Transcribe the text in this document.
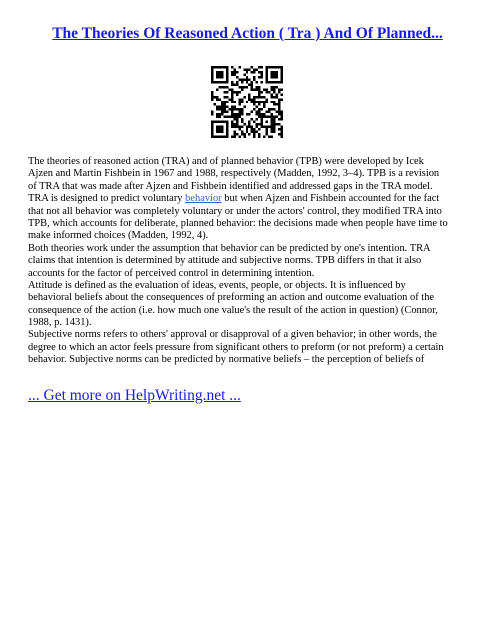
The Theories Of Reasoned Action ( Tra ) And Of Planned...
The theories of reasoned action (TRA) and of planned behavior (TPB) were developed by Icek
Ajzen and Martin Fishbein in 1967 and 1988, respectively (Madden, 1992, 3–4). TPB is a revision
of TRA that was made after Ajzen and Fishbein identified and addressed gaps in the TRA model.
TRA is designed to predict voluntary behavior but when Ajzen and Fishbein accounted for the fact
that not all behavior was completely voluntary or under the actors' control, they modified TRA into
TPB, which accounts for deliberate, planned behavior: the decisions made when people have time to
make informed choices (Madden, 1992, 4).
Both theories work under the assumption that behavior can be predicted by one's intention. TRA
claims that intention is determined by attitude and subjective norms. TPB differs in that it also
accounts for the factor of perceived control in determining intention.
Attitude is defined as the evaluation of ideas, events, people, or objects. It is influenced by
behavioral beliefs about the consequences of preforming an action and outcome evaluation of the
consequence of the action (i.e. how much one value's the result of the action in question) (Connor,
1988, p. 1431).
Subjective norms refers to others' approval or disapproval of a given behavior; in other words, the
degree to which an actor feels pressure from significant others to preform (or not preform) a certain
behavior. Subjective norms can be predicted by normative beliefs – the perception of beliefs of
... Get more on HelpWriting.net ...
